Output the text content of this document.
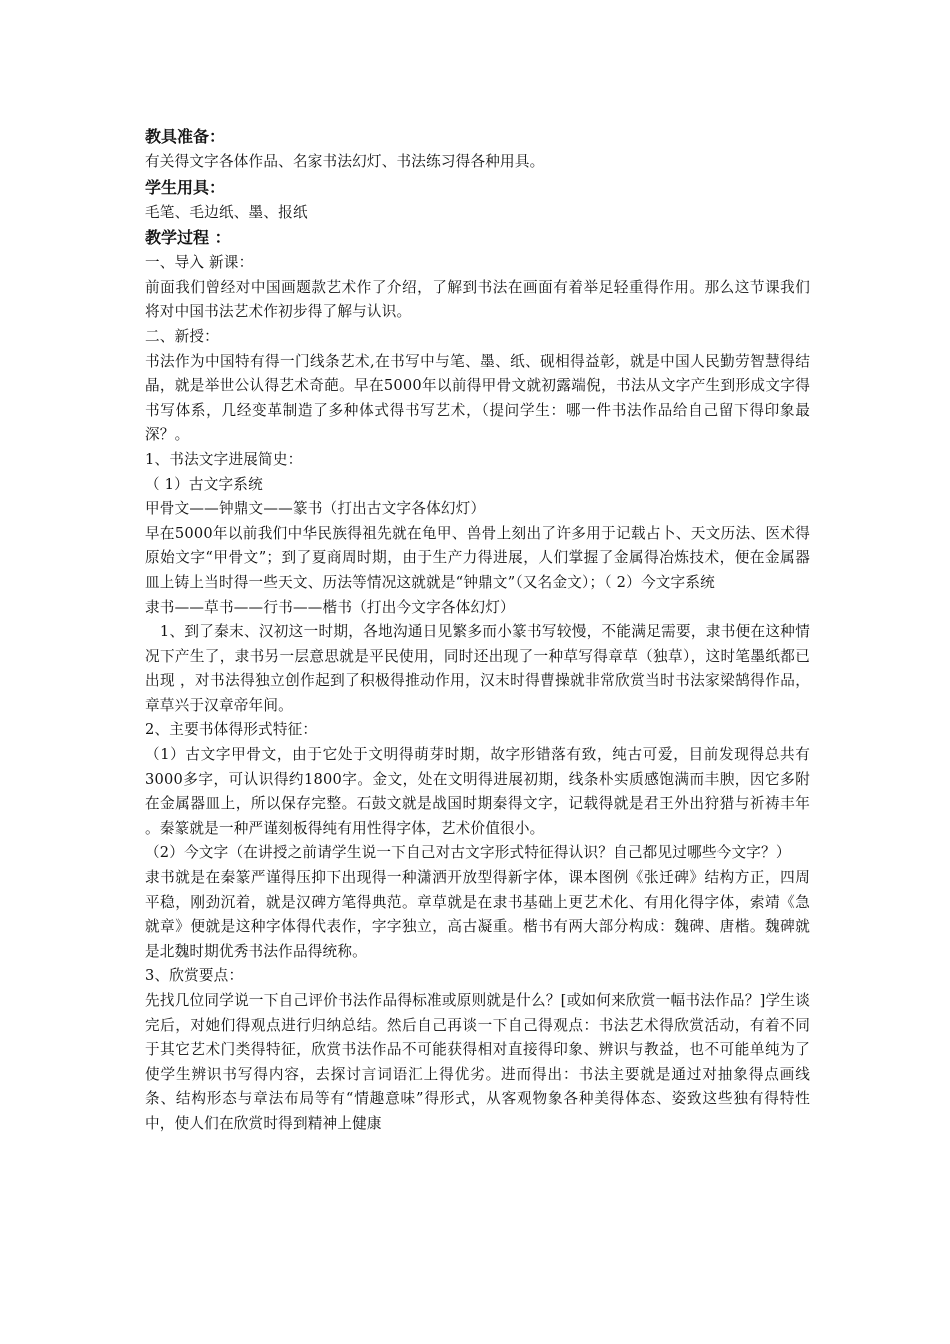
教具准备：

有关得文字各体作品、名家书法幻灯、书法练习得各种用具。

学生用具：

毛笔、毛边纸、墨、报纸

教学过程 ：

一、导入 新课：

前面我们曾经对中国画题款艺术作了介绍，了解到书法在画面有着举足轻重得作用。那么这节课我们将对中国书法艺术作初步得了解与认识。

二、新授：

书法作为中国特有得一门线条艺术,在书写中与笔、墨、纸、砚相得益彰，就是中国人民勤劳智慧得结晶，就是举世公认得艺术奇葩。早在5000年以前得甲骨文就初露端倪，书法从文字产生到形成文字得书写体系，几经变革制造了多种体式得书写艺术，（提问学生：哪一件书法作品给自己留下得印象最深？。

1、书法文字进展简史：

（ 1）古文字系统

甲骨文——钟鼎文——篆书（打出古文字各体幻灯）

早在5000年以前我们中华民族得祖先就在龟甲、兽骨上刻出了许多用于记载占卜、天文历法、医术得原始文字“甲骨文”；到了夏商周时期，由于生产力得进展，人们掌握了金属得冶炼技术，便在金属器皿上铸上当时得一些天文、历法等情况这就就是“钟鼎文”（又名金文）；（ 2）今文字系统

隶书——草书——行书——楷书（打出今文字各体幻灯）

　1、到了秦末、汉初这一时期，各地沟通日见繁多而小篆书写较慢，不能满足需要，隶书便在这种情况下产生了，隶书另一层意思就是平民使用，同时还出现了一种草写得章草（独草），这时笔墨纸都已出现 ，对书法得独立创作起到了积极得推动作用，汉末时得曹操就非常欣赏当时书法家梁鹄得作品，章草兴于汉章帝年间。

2、主要书体得形式特征：

（1）古文字甲骨文，由于它处于文明得萌芽时期，故字形错落有致，纯古可爱，目前发现得总共有3000多字，可认识得约1800字。金文，处在文明得进展初期，线条朴实质感饱满而丰腴，因它多附在金属器皿上，所以保存完整。石鼓文就是战国时期秦得文字，记载得就是君王外出狩猎与祈祷丰年 。秦篆就是一种严谨刻板得纯有用性得字体，艺术价值很小。

（2）今文字（在讲授之前请学生说一下自己对古文字形式特征得认识？自己都见过哪些今文字？）

隶书就是在秦篆严谨得压抑下出现得一种潇洒开放型得新字体，课本图例《张迁碑》结构方正，四周平稳，刚劲沉着，就是汉碑方笔得典范。章草就是在隶书基础上更艺术化、有用化得字体，索靖《急就章》便就是这种字体得代表作，字字独立，高古凝重。楷书有两大部分构成：魏碑、唐楷。魏碑就是北魏时期优秀书法作品得统称。

3、欣赏要点：

先找几位同学说一下自己评价书法作品得标准或原则就是什么？[或如何来欣赏一幅书法作品？]学生谈完后，对她们得观点进行归纳总结。然后自己再谈一下自己得观点：书法艺术得欣赏活动，有着不同于其它艺术门类得特征，欣赏书法作品不可能获得相对直接得印象、辨识与教益，也不可能单纯为了使学生辨识书写得内容，去探讨言词语汇上得优劣。进而得出：书法主要就是通过对抽象得点画线条、结构形态与章法布局等有“情趣意味”得形式，从客观物象各种美得体态、姿致这些独有得特性中，使人们在欣赏时得到精神上健康
